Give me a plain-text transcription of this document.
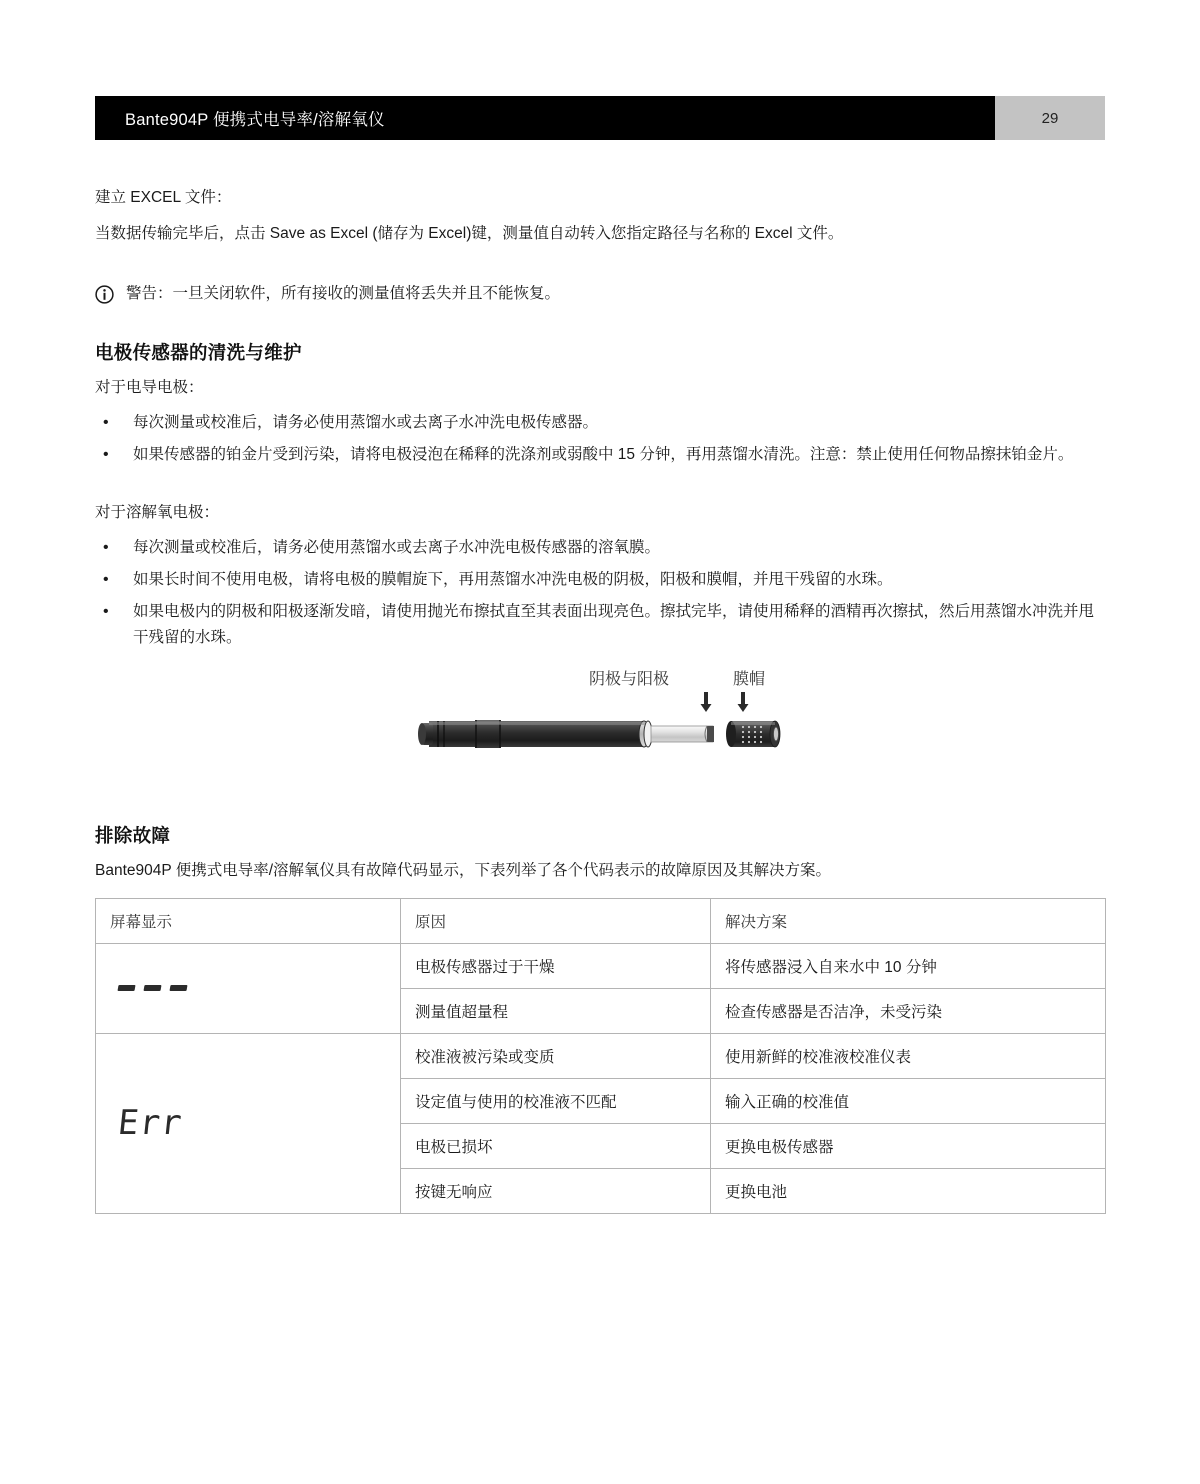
Bante904P 便携式电导率/溶解氧仪	29

建立 EXCEL 文件：

当数据传输完毕后，点击 Save as Excel (储存为 Excel)键，测量值自动转入您指定路径与名称的 Excel 文件。

警告：一旦关闭软件，所有接收的测量值将丢失并且不能恢复。
电极传感器的清洗与维护

对于电导电极：

• 每次测量或校准后，请务必使用蒸馏水或去离子水冲洗电极传感器。
• 如果传感器的铂金片受到污染，请将电极浸泡在稀释的洗涤剂或弱酸中 15 分钟，再用蒸馏水清洗。注意：禁止使用任何物品擦抹铂金片。

对于溶解氧电极：

• 每次测量或校准后，请务必使用蒸馏水或去离子水冲洗电极传感器的溶氧膜。
• 如果长时间不使用电极，请将电极的膜帽旋下，再用蒸馏水冲洗电极的阴极，阳极和膜帽，并甩干残留的水珠。
• 如果电极内的阴极和阳极逐渐发暗，请使用抛光布擦拭直至其表面出现亮色。擦拭完毕，请使用稀释的酒精再次擦拭，然后用蒸馏水冲洗并甩干残留的水珠。
阴极与阳极	膜帽
排除故障

Bante904P 便携式电导率/溶解氧仪具有故障代码显示，下表列举了各个代码表示的故障原因及其解决方案。

屏幕显示	原因	解决方案
	电极传感器过于干燥	将传感器浸入自来水中 10 分钟
	测量值超量程	检查传感器是否洁净，未受污染
Err	校准液被污染或变质	使用新鲜的校准液校准仪表
	设定值与使用的校准液不匹配	输入正确的校准值
	电极已损坏	更换电极传感器
	按键无响应	更换电池
